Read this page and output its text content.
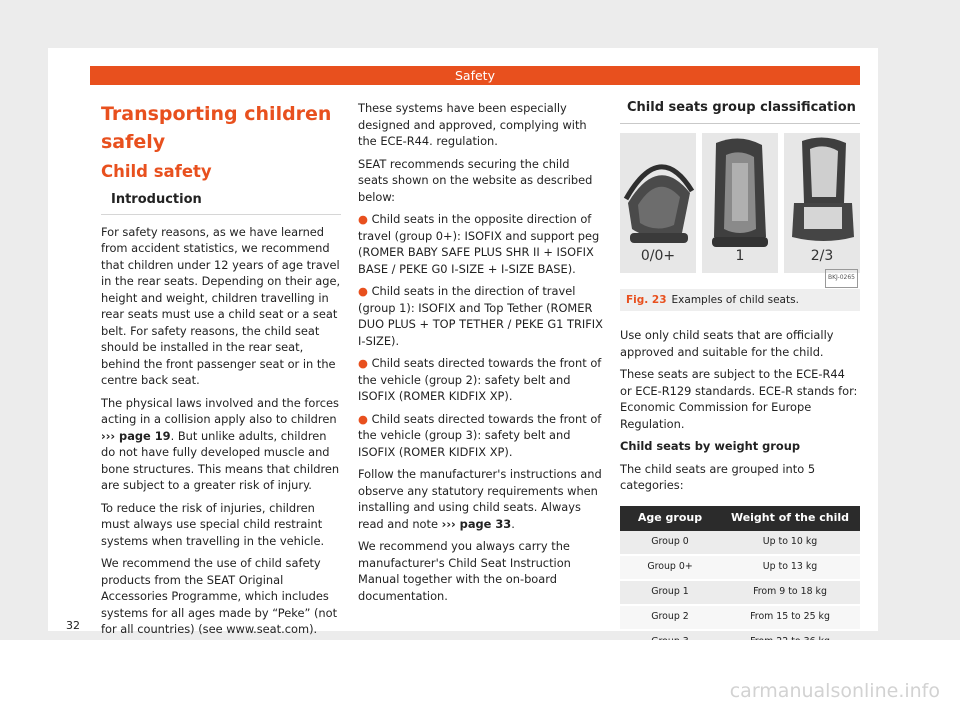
Safety
Transporting children
safely
Child safety
Introduction

For safety reasons, as we have learned from accident statistics, we recommend that children under 12 years of age travel in the rear seats. Depending on their age, height and weight, children travelling in rear seats must use a child seat or a seat belt. For safety reasons, the child seat should be installed in the rear seat, behind the front passenger seat or in the centre back seat.

The physical laws involved and the forces acting in a collision apply also to children ››› page 19. But unlike adults, children do not have fully developed muscle and bone structures. This means that children are subject to a greater risk of injury.

To reduce the risk of injuries, children must always use special child restraint systems when travelling in the vehicle.

We recommend the use of child safety products from the SEAT Original Accessories Programme, which includes systems for all ages made by “Peke” (not for all countries) (see www.seat.com).

These systems have been especially designed and approved, complying with the ECE-R44. regulation.

SEAT recommends securing the child seats shown on the website as described below:

● Child seats in the opposite direction of travel (group 0+): ISOFIX and support peg (ROMER BABY SAFE PLUS SHR II + ISOFIX BASE / PEKE G0 I-SIZE + I-SIZE BASE).

● Child seats in the direction of travel (group 1): ISOFIX and Top Tether (ROMER DUO PLUS + TOP TETHER / PEKE G1 TRIFIX I-SIZE).

● Child seats directed towards the front of the vehicle (group 2): safety belt and ISOFIX (ROMER KIDFIX XP).

● Child seats directed towards the front of the vehicle (group 3): safety belt and ISOFIX (ROMER KIDFIX XP).

Follow the manufacturer's instructions and observe any statutory requirements when installing and using child seats. Always read and note ››› page 33.

We recommend you always carry the manufacturer's Child Seat Instruction Manual together with the on-board documentation.

Child seats group classification
0/0+	1	2/3
BKJ-0265
Fig. 23 Examples of child seats.

Use only child seats that are officially approved and suitable for the child.

These seats are subject to the ECE-R44 or ECE-R129 standards. ECE-R stands for: Economic Commission for Europe Regulation.

Child seats by weight group

The child seats are grouped into 5 categories:

Age group	Weight of the child
Group 0	Up to 10 kg
Group 0+	Up to 13 kg
Group 1	From 9 to 18 kg
Group 2	From 15 to 25 kg

32
carmanualsonline.info
